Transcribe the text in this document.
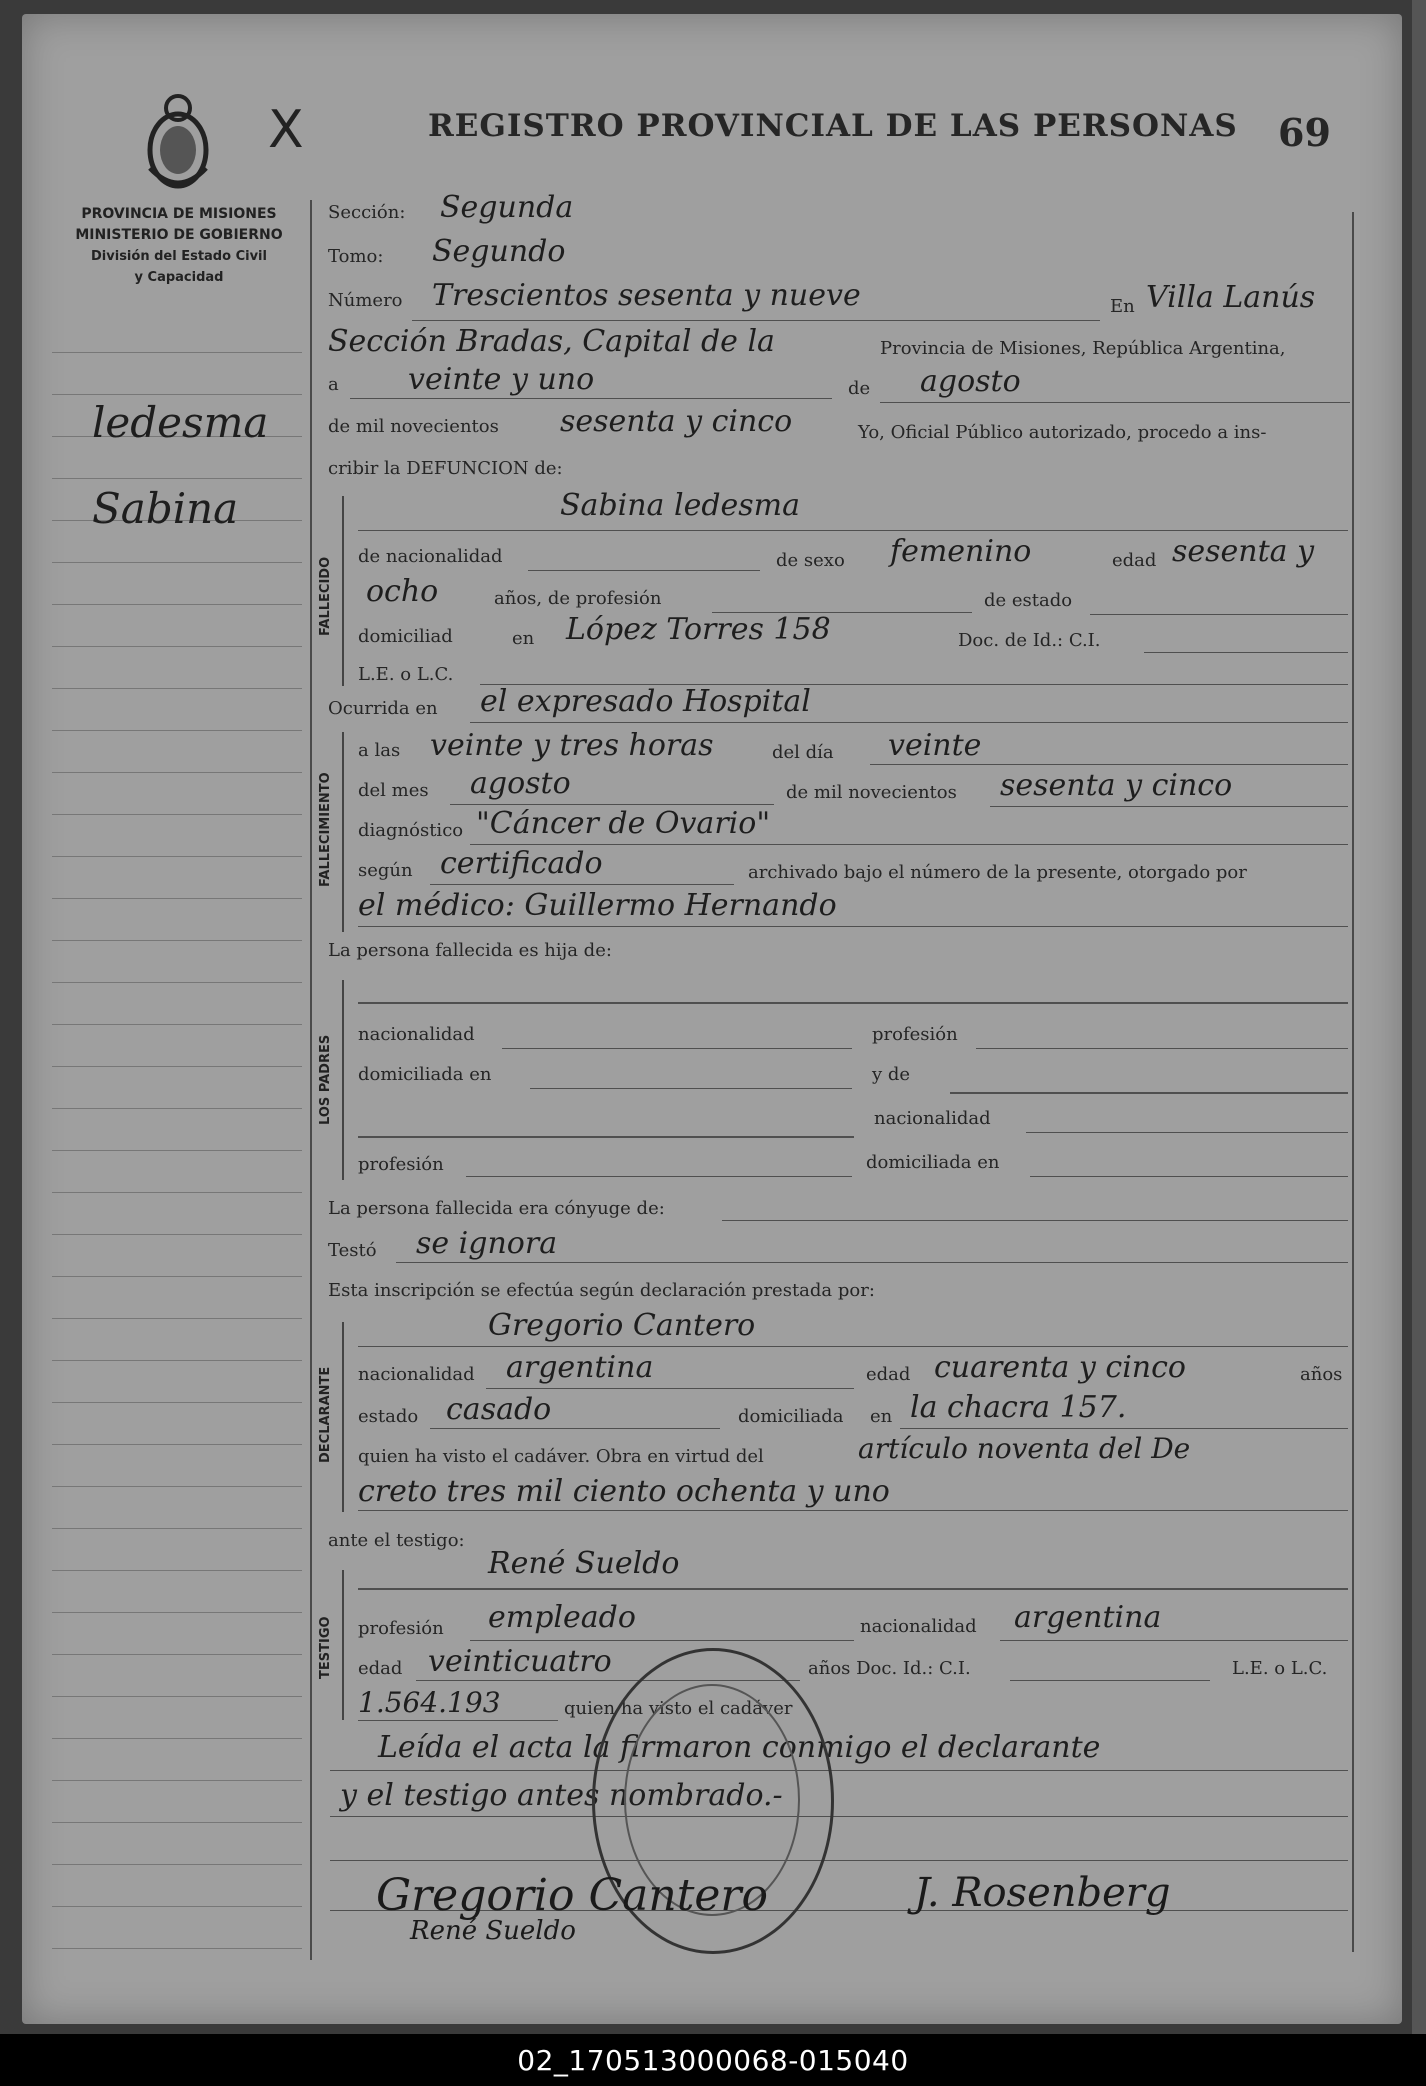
X
PROVINCIA DE MISIONES
MINISTERIO DE GOBIERNO
División del Estado Civil
y Capacidad
REGISTRO PROVINCIAL DE LAS PERSONAS 69
ledesma
Sabina
Sección: Segunda
Tomo: Segundo
Número Trescientos sesenta y nueve	En Villa Lanús
Sección Bradas, Capital de la	Provincia de Misiones, República Argentina,
a veinte y uno	de agosto
de mil novecientos sesenta y cinco	Yo, Oficial Público autorizado, procedo a ins-
cribir la DEFUNCION de:
FALLECIDO
Sabina ledesma
de nacionalidad	de sexo femenino	edad sesenta y
ocho	años, de profesión	de estado
domiciliad	en López Torres 158	Doc. de Id.: C.I.
L.E. o L.C.
Ocurrida en el expresado Hospital
FALLECIMIENTO
a las veinte y tres horas	del día veinte
del mes agosto	de mil novecientos sesenta y cinco
diagnóstico "Cáncer de Ovario"
según certificado	archivado bajo el número de la presente, otorgado por
el médico: Guillermo Hernando
La persona fallecida es hija de:
LOS PADRES
nacionalidad	profesión
domiciliada en	y de
nacionalidad
profesión	domiciliada en
La persona fallecida era cónyuge de:
Testó se ignora
Esta inscripción se efectúa según declaración prestada por:
DECLARANTE
Gregorio Cantero
nacionalidad argentina	edad cuarenta y cinco	años
estado casado	domiciliada en la chacra 157.
quien ha visto el cadáver. Obra en virtud del	artículo noventa del De
creto tres mil ciento ochenta y uno
ante el testigo:
TESTIGO
René Sueldo
profesión empleado	nacionalidad argentina
edad veinticuatro	años Doc. Id.: C.I.	L.E. o L.C.
1.564.193	quien ha visto el cadáver
Leída el acta la firmaron conmigo el declarante
y el testigo antes nombrado.-
Gregorio Cantero	J. Rosenberg
René Sueldo
02_170513000068-015040
